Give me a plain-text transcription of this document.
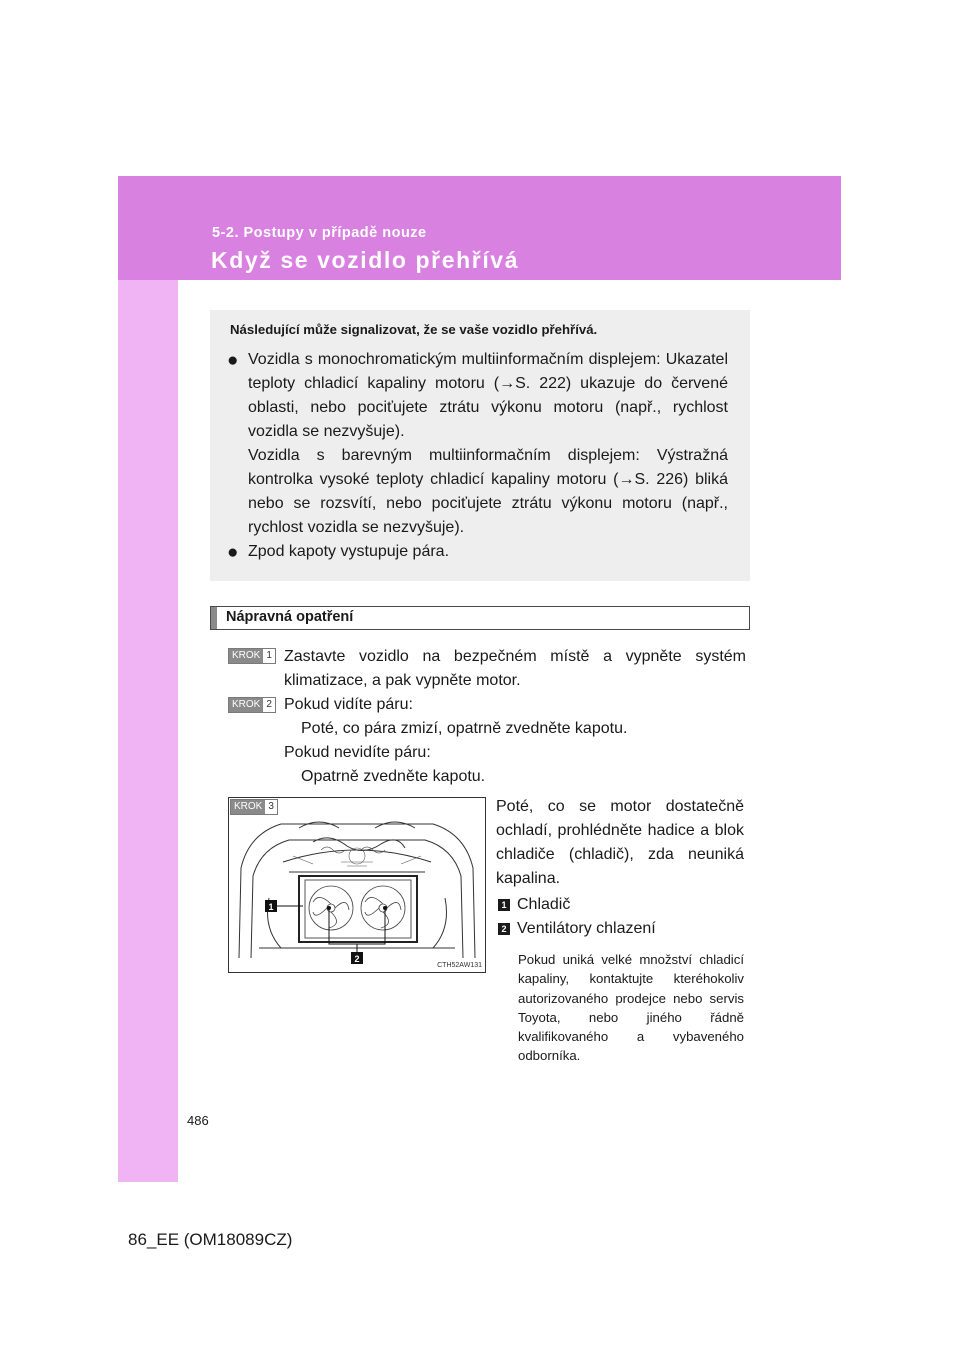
5-2. Postupy v případě nouze
Když se vozidlo přehřívá
Následující může signalizovat, že se vaše vozidlo přehřívá.
● Vozidla s monochromatickým multiinformačním displejem: Ukazatel teploty chladicí kapaliny motoru (→S. 222) ukazuje do červené oblasti, nebo pociťujete ztrátu výkonu motoru (např., rychlost vozidla se nezvyšuje).

Vozidla s barevným multiinformačním displejem: Výstražná kontrolka vysoké teploty chladicí kapaliny motoru (→S. 226) bliká nebo se rozsvítí, nebo pociťujete ztrátu výkonu motoru (např., rychlost vozidla se nezvyšuje).

● Zpod kapoty vystupuje pára.
Nápravná opatření
KROK 1 Zastavte vozidlo na bezpečném místě a vypněte systém klimatizace, a pak vypněte motor.

KROK 2 Pokud vidíte páru:
Poté, co pára zmizí, opatrně zvedněte kapotu.
Pokud nevidíte páru:
Opatrně zvedněte kapotu.
1
2
KROK 3
CTH52AW131

Poté, co se motor dostatečně ochladí, prohlédněte hadice a blok chladiče (chladič), zda neuniká kapalina.

1 Chladič
2 Ventilátory chlazení

Pokud uniká velké množství chladicí kapaliny, kontaktujte kteréhokoliv autorizovaného prodejce nebo servis Toyota, nebo jiného řádně kvalifikovaného a vybaveného odborníka.

486
86_EE (OM18089CZ)
